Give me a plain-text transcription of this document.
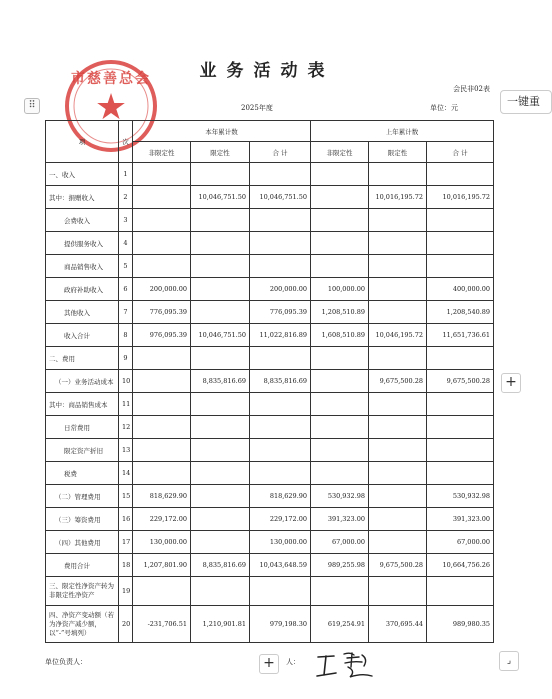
业务活动表
会民非02表
2025年度	单位：元
⠿	一键重
+
+	⌟
★
市慈善总会
项	次	本年累计数			上年累计数		
		非限定性	限定性	合 计	非限定性	限定性	合 计
一、收入	1						
其中：捐赠收入	2		10,046,751.50	10,046,751.50		10,016,195.72	10,016,195.72
会费收入	3						
提供服务收入	4						
商品销售收入	5						
政府补助收入	6	200,000.00		200,000.00	100,000.00		400,000.00
其他收入	7	776,095.39		776,095.39	1,208,510.89		1,208,540.89
收入合计	8	976,095.39	10,046,751.50	11,022,816.89	1,608,510.89	10,046,195.72	11,651,736.61
二、费用	9						
（一）业务活动成本	10		8,835,816.69	8,835,816.69		9,675,500.28	9,675,500.28
其中：商品销售成本	11						
日常费用	12						
限定资产折旧	13						
税费	14						
（二）管理费用	15	818,629.90		818,629.90	530,932.98		530,932.98
（三）筹资费用	16	229,172.00		229,172.00	391,323.00		391,323.00
（四）其他费用	17	130,000.00		130,000.00	67,000.00		67,000.00
费用合计	18	1,207,801.90	8,835,816.69	10,043,648.59	989,255.98	9,675,500.28	10,664,756.26
三、限定性净资产转为非限定性净资产	19						
四、净资产变动额（若为净资产减少额，以“-”号填列）	20	-231,706.51	1,210,901.81	979,198.30	619,254.91	370,695.44	989,980.35
单位负责人：	人：
